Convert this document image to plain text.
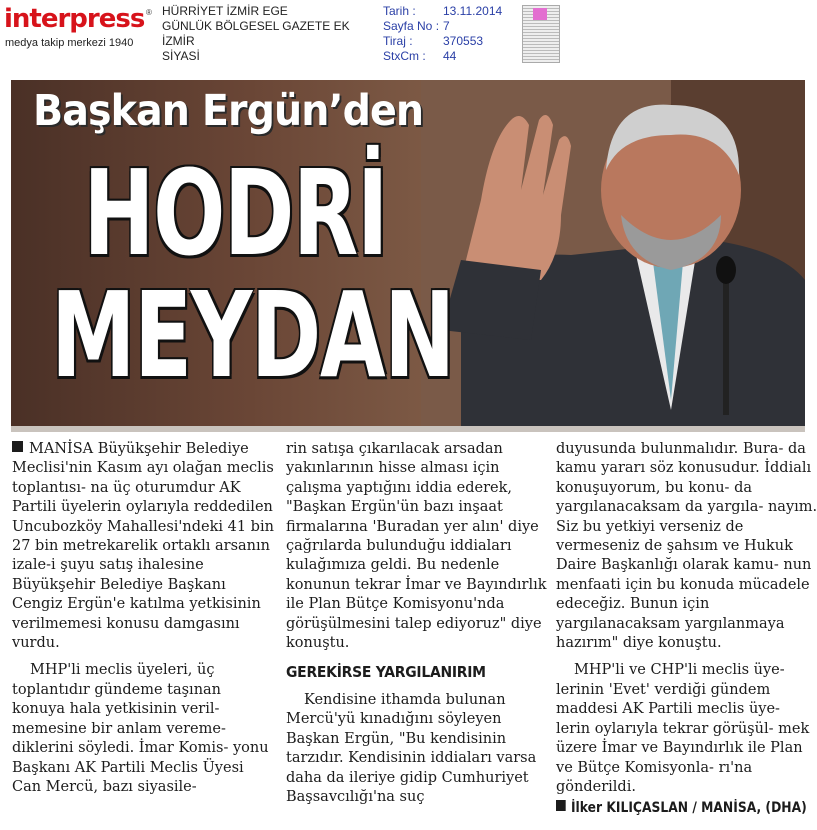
interpress ®
medya takip merkezi 1940
HÜRRİYET İZMİR EGE
GÜNLÜK BÖLGESEL GAZETE EK
İZMİR
SİYASİ
Tarih :	13.11.2014
Sayfa No : 7
Tiraj :	370553
StxCm :	44
Başkan Ergün’den
HODRİ
MEYDAN

MANİSA Büyükşehir Belediye Meclisi'nin Kasım ayı olağan meclis toplantısı- na üç oturumdur AK Partili üyelerin oylarıyla reddedilen Uncubozköy Mahallesi'ndeki 41 bin 27 bin metrekarelik ortaklı arsanın izale-i şuyu satış ihalesine Büyükşehir Belediye Başkanı Cengiz Ergün'e katılma yetkisinin verilmemesi konusu damgasını vurdu.

MHP'li meclis üyeleri, üç toplantıdır gündeme taşınan konuya hala yetkisinin veril- memesine bir anlam vereme- diklerini söyledi. İmar Komis- yonu Başkanı AK Partili Meclis Üyesi Can Mercü, bazı siyasile-

rin satışa çıkarılacak arsadan yakınlarının hisse alması için çalışma yaptığını iddia ederek, "Başkan Ergün'ün bazı inşaat firmalarına 'Buradan yer alın' diye çağrılarda bulunduğu iddiaları kulağımıza geldi. Bu nedenle konunun tekrar İmar ve Bayındırlık ile Plan Bütçe Komisyonu'nda görüşülmesini talep ediyoruz" diye konuştu.

GEREKİRSE YARGILANIRIM

Kendisine ithamda bulunan Mercü'yü kınadığını söyleyen Başkan Ergün, "Bu kendisinin tarzıdır. Kendisinin iddiaları varsa daha da ileriye gidip Cumhuriyet Başsavcılığı'na suç

duyusunda bulunmalıdır. Bura- da kamu yararı söz konusudur. İddialı konuşuyorum, bu konu- da yargılanacaksam da yargıla- nayım. Siz bu yetkiyi verseniz de vermeseniz de şahsım ve Hukuk Daire Başkanlığı olarak kamu- nun menfaati için bu konuda mücadele edeceğiz. Bunun için yargılanacaksam yargılanmaya hazırım" diye konuştu.

MHP'li ve CHP'li meclis üye- lerinin 'Evet' verdiği gündem maddesi AK Partili meclis üye- lerin oylarıyla tekrar görüşül- mek üzere İmar ve Bayındırlık ile Plan ve Bütçe Komisyonla- rı'na gönderildi.

İlker KILIÇASLAN / MANİSA, (DHA)
